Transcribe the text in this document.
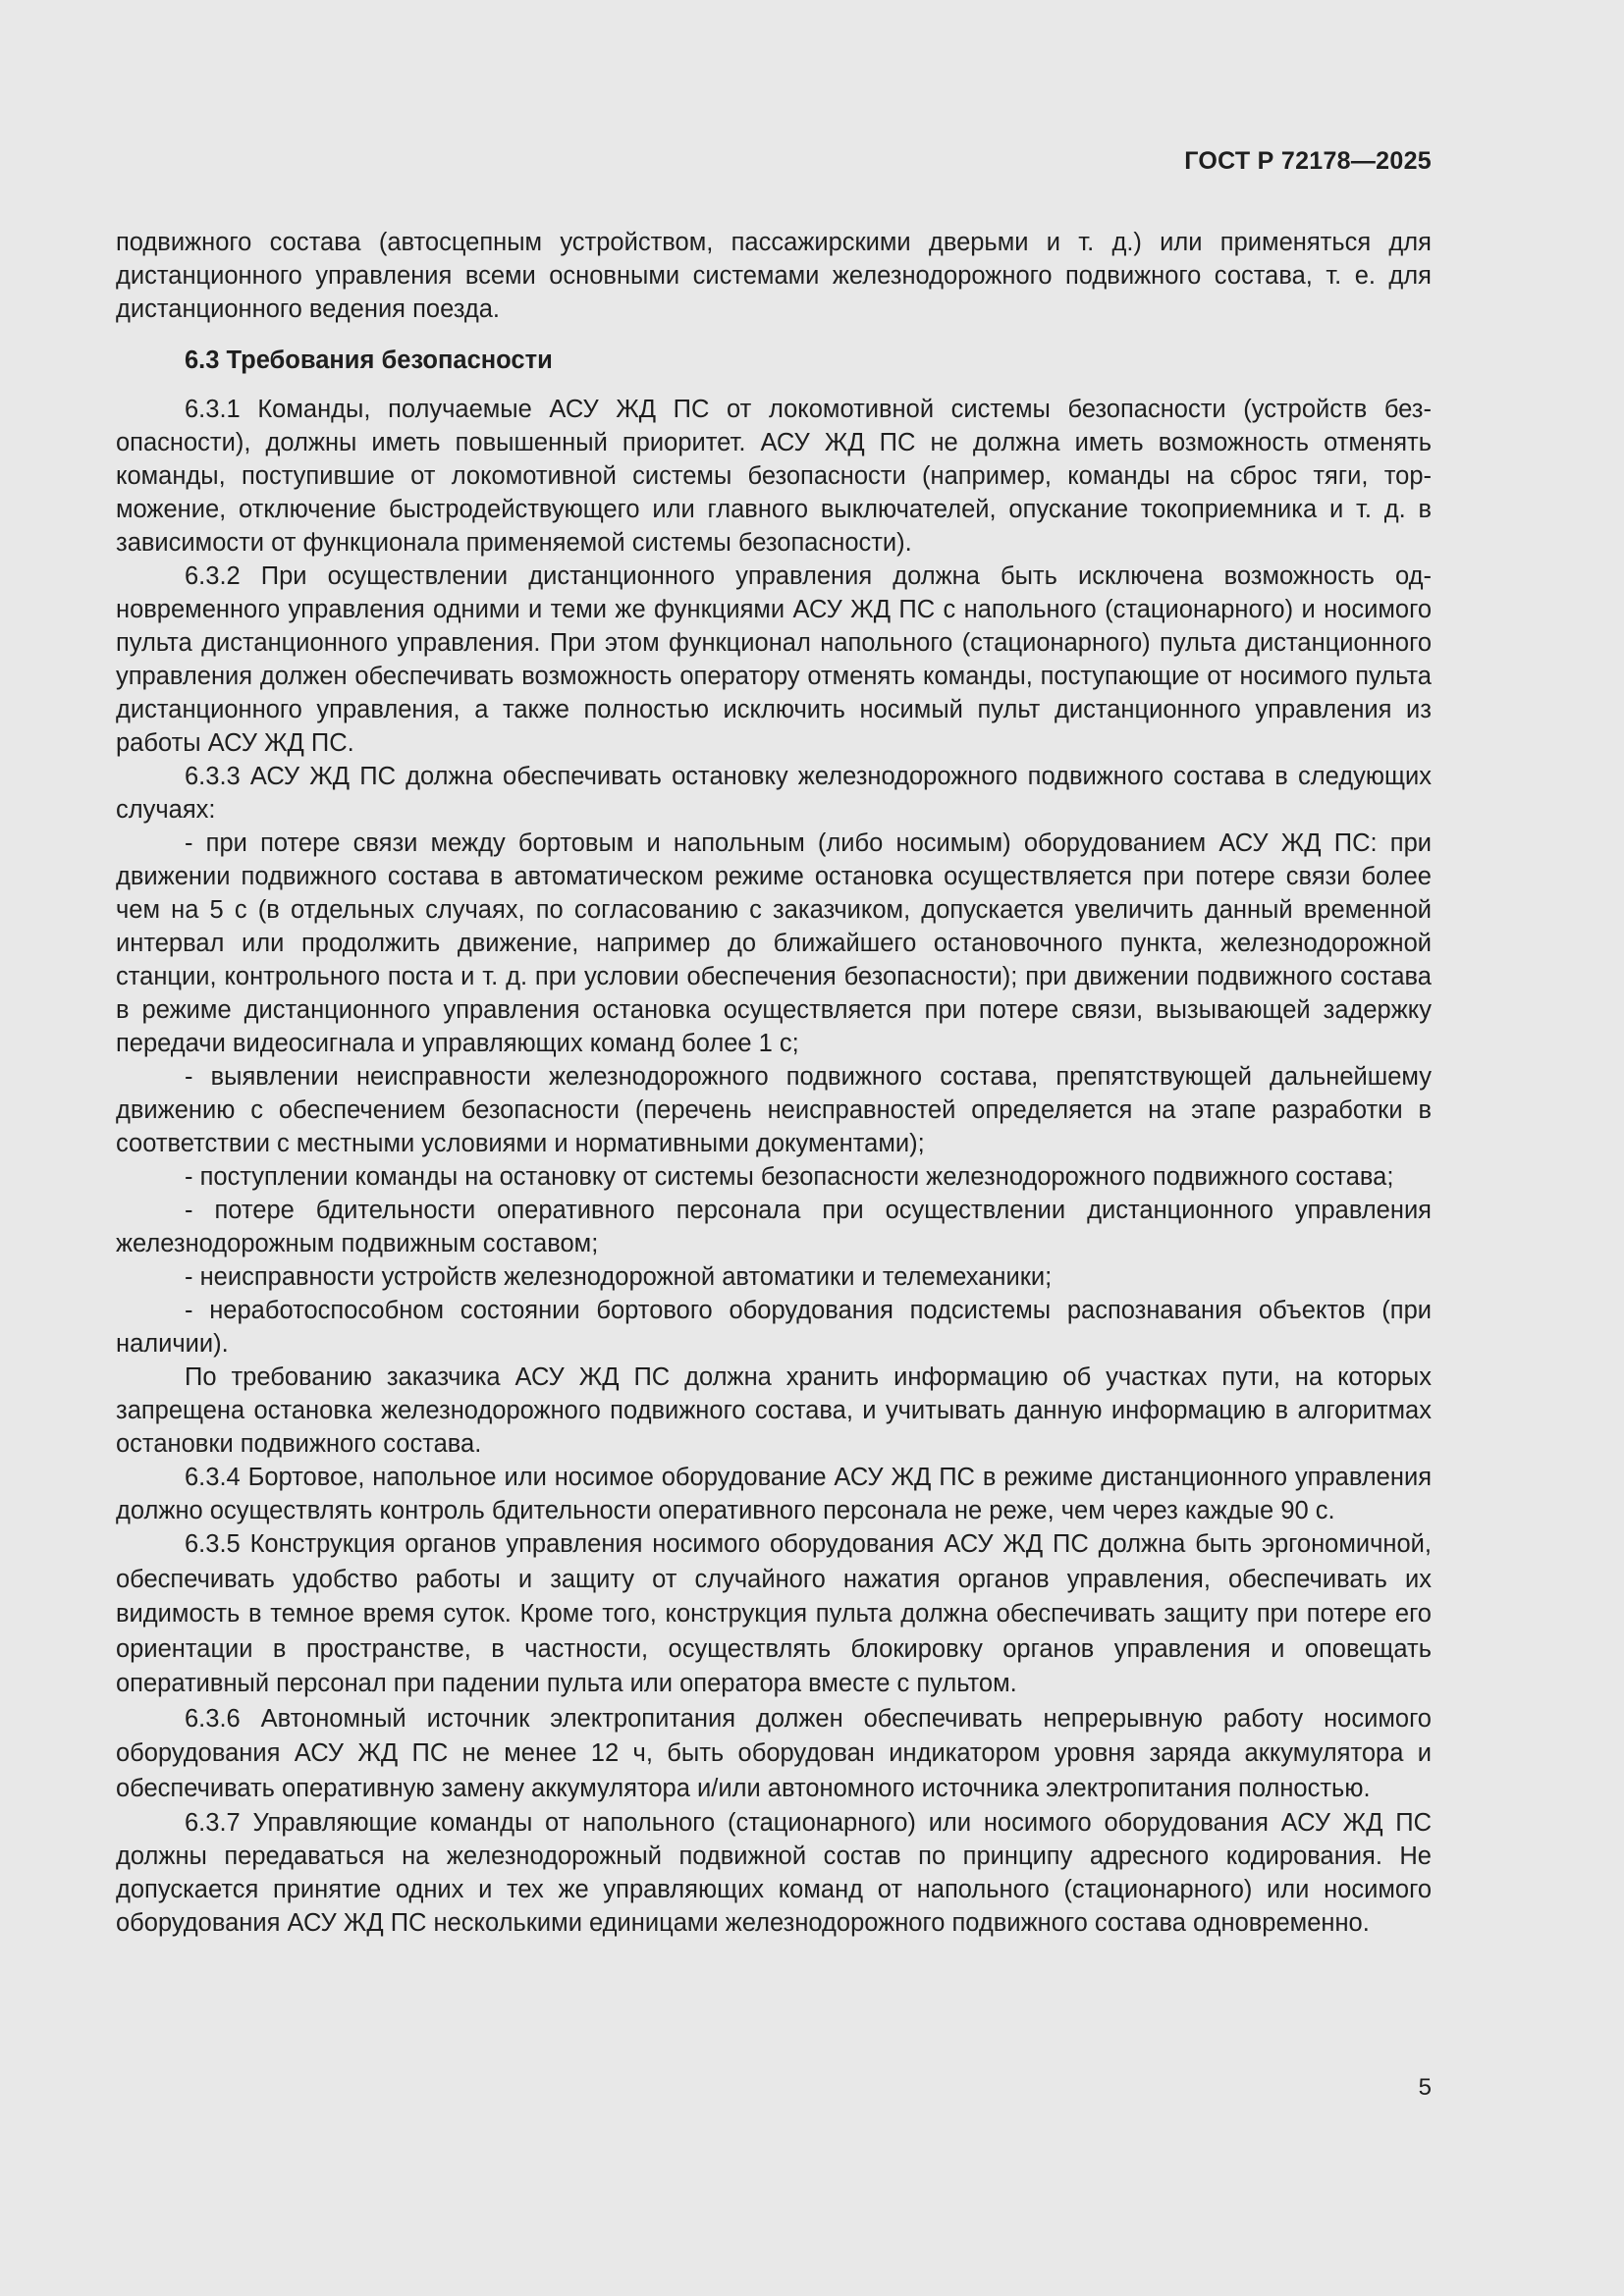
ГОСТ Р 72178—2025

подвижного состава (автосцепным устройством, пассажирскими дверьми и т. д.) или применяться для дистанционного управления всеми основными системами железнодорожного подвижного состава, т. е. для дистанционного ведения поезда.

6.3 Требования безопасности

6.3.1 Команды, получаемые АСУ ЖД ПС от локомотивной системы безопасности (устройств безопасности), должны иметь повышенный приоритет. АСУ ЖД ПС не должна иметь возможность отменять команды, поступившие от локомотивной системы безопасности (например, команды на сброс тяги, торможение, отключение быстродействующего или главного выключателей, опускание токоприемника и т. д. в зависимости от функционала применяемой системы безопасности).

6.3.2 При осуществлении дистанционного управления должна быть исключена возможность одновременного управления одними и теми же функциями АСУ ЖД ПС с напольного (стационарного) и носимого пульта дистанционного управления. При этом функционал напольного (стационарного) пульта дистанционного управления должен обеспечивать возможность оператору отменять команды, поступающие от носимого пульта дистанционного управления, а также полностью исключить носимый пульт дистанционного управления из работы АСУ ЖД ПС.

6.3.3 АСУ ЖД ПС должна обеспечивать остановку железнодорожного подвижного состава в следующих случаях:

- при потере связи между бортовым и напольным (либо носимым) оборудованием АСУ ЖД ПС: при движении подвижного состава в автоматическом режиме остановка осуществляется при потере связи более чем на 5 с (в отдельных случаях, по согласованию с заказчиком, допускается увеличить данный временной интервал или продолжить движение, например до ближайшего остановочного пункта, железнодорожной станции, контрольного поста и т. д. при условии обеспечения безопасности); при движении подвижного состава в режиме дистанционного управления остановка осуществляется при потере связи, вызывающей задержку передачи видеосигнала и управляющих команд более 1 с;

- выявлении неисправности железнодорожного подвижного состава, препятствующей дальнейшему движению с обеспечением безопасности (перечень неисправностей определяется на этапе разработки в соответствии с местными условиями и нормативными документами);

- поступлении команды на остановку от системы безопасности железнодорожного подвижного состава;

- потере бдительности оперативного персонала при осуществлении дистанционного управления железнодорожным подвижным составом;

- неисправности устройств железнодорожной автоматики и телемеханики;

- неработоспособном состоянии бортового оборудования подсистемы распознавания объектов (при наличии).

По требованию заказчика АСУ ЖД ПС должна хранить информацию об участках пути, на которых запрещена остановка железнодорожного подвижного состава, и учитывать данную информацию в алгоритмах остановки подвижного состава.

6.3.4 Бортовое, напольное или носимое оборудование АСУ ЖД ПС в режиме дистанционного управления должно осуществлять контроль бдительности оперативного персонала не реже, чем через каждые 90 с.

6.3.5 Конструкция органов управления носимого оборудования АСУ ЖД ПС должна быть эргономичной, обеспечивать удобство работы и защиту от случайного нажатия органов управления, обеспечивать их видимость в темное время суток. Кроме того, конструкция пульта должна обеспечивать защиту при потере его ориентации в пространстве, в частности, осуществлять блокировку органов управления и оповещать оперативный персонал при падении пульта или оператора вместе с пультом.

6.3.6 Автономный источник электропитания должен обеспечивать непрерывную работу носимого оборудования АСУ ЖД ПС не менее 12 ч, быть оборудован индикатором уровня заряда аккумулятора и обеспечивать оперативную замену аккумулятора и/или автономного источника электропитания полностью.

6.3.7 Управляющие команды от напольного (стационарного) или носимого оборудования АСУ ЖД ПС должны передаваться на железнодорожный подвижной состав по принципу адресного кодирования. Не допускается принятие одних и тех же управляющих команд от напольного (стационарного) или носимого оборудования АСУ ЖД ПС несколькими единицами железнодорожного подвижного состава одновременно.

5
